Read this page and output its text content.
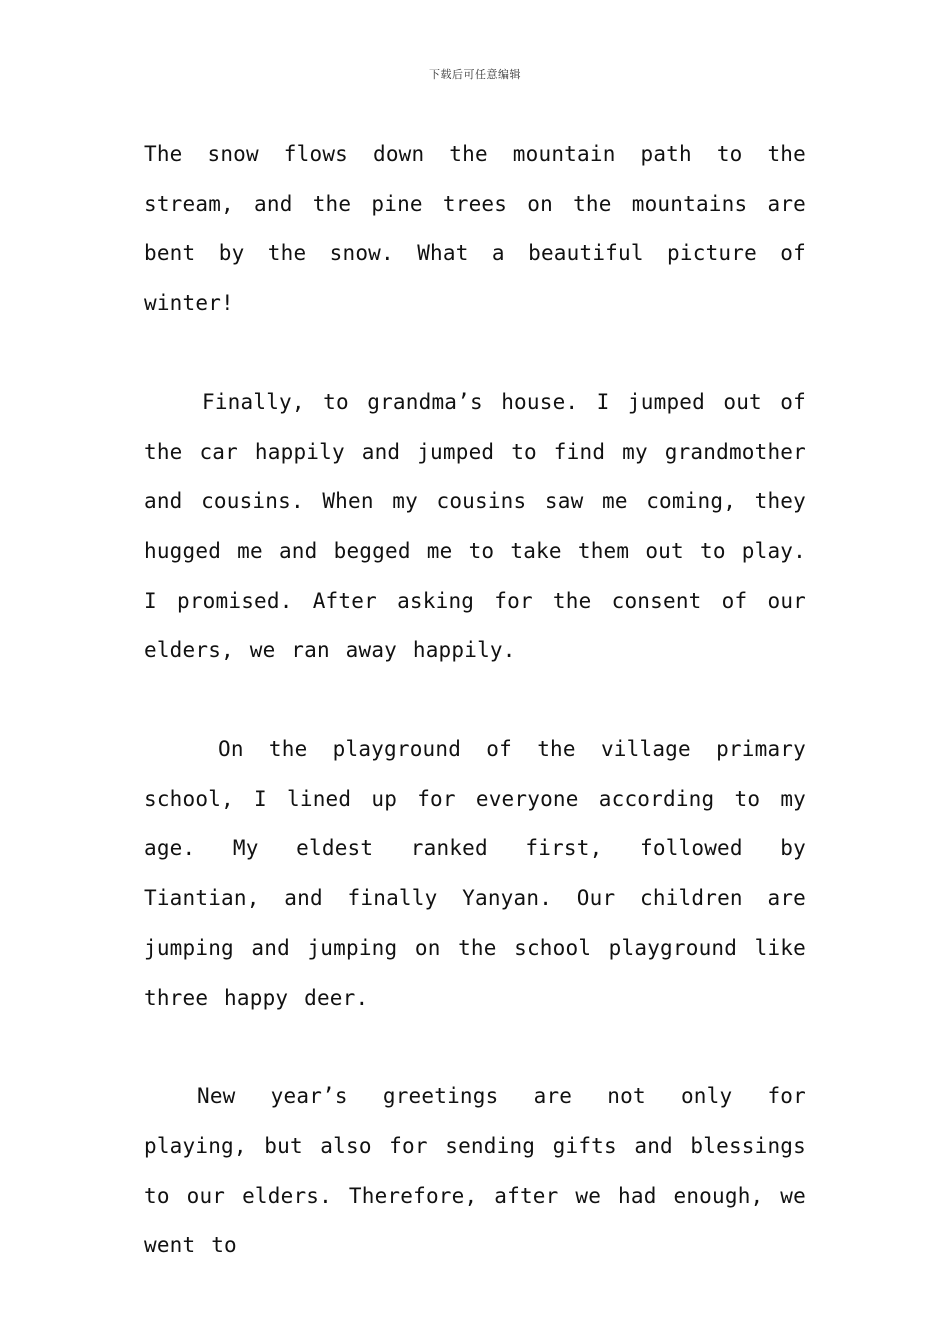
下载后可任意编辑

The snow flows down the mountain path to the stream, and the pine trees on the mountains are bent by the snow. What a beautiful picture of winter!

Finally, to grandma’s house. I jumped out of the car happily and jumped to find my grandmother and cousins. When my cousins saw me coming, they hugged me and begged me to take them out to play. I promised. After asking for the consent of our elders, we ran away happily.

On the playground of the village primary school, I lined up for everyone according to my age. My eldest ranked first, followed by Tiantian, and finally Yanyan. Our children are jumping and jumping on the school playground like three happy deer.

New year’s greetings are not only for playing, but also for sending gifts and blessings to our elders. Therefore, after we had enough, we went to
